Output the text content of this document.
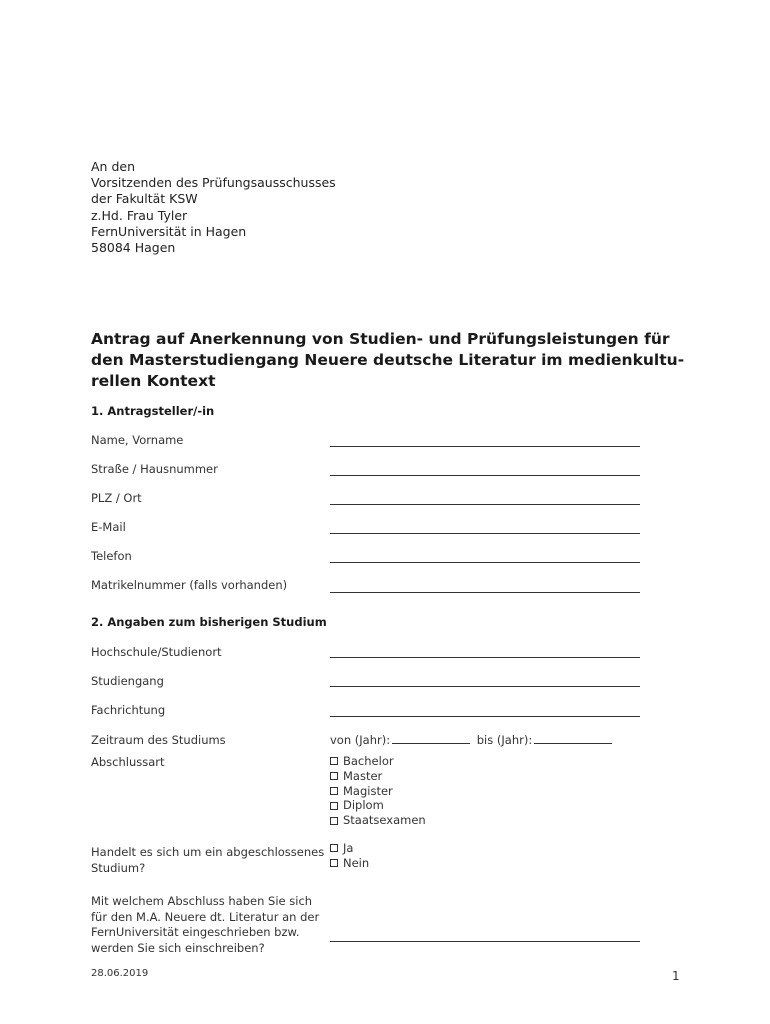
An den
Vorsitzenden des Prüfungsausschusses
der Fakultät KSW
z.Hd. Frau Tyler
FernUniversität in Hagen
58084 Hagen
Antrag auf Anerkennung von Studien- und Prüfungsleistungen für
den Masterstudiengang Neuere deutsche Literatur im medienkultu-
rellen Kontext
1. Antragsteller/-in
Name, Vorname
Straße / Hausnummer
PLZ / Ort
E-Mail
Telefon
Matrikelnummer (falls vorhanden)
2. Angaben zum bisherigen Studium
Hochschule/Studienort
Studiengang
Fachrichtung
Zeitraum des Studiums	von (Jahr):	bis (Jahr):
Abschlussart	Bachelor
Master
Magister
Diplom
Staatsexamen
Handelt es sich um ein abgeschlossenes
Studium?
Ja
Nein
Mit welchem Abschluss haben Sie sich
für den M.A. Neuere dt. Literatur an der
FernUniversität eingeschrieben bzw.
werden Sie sich einschreiben?
28.06.2019	1
